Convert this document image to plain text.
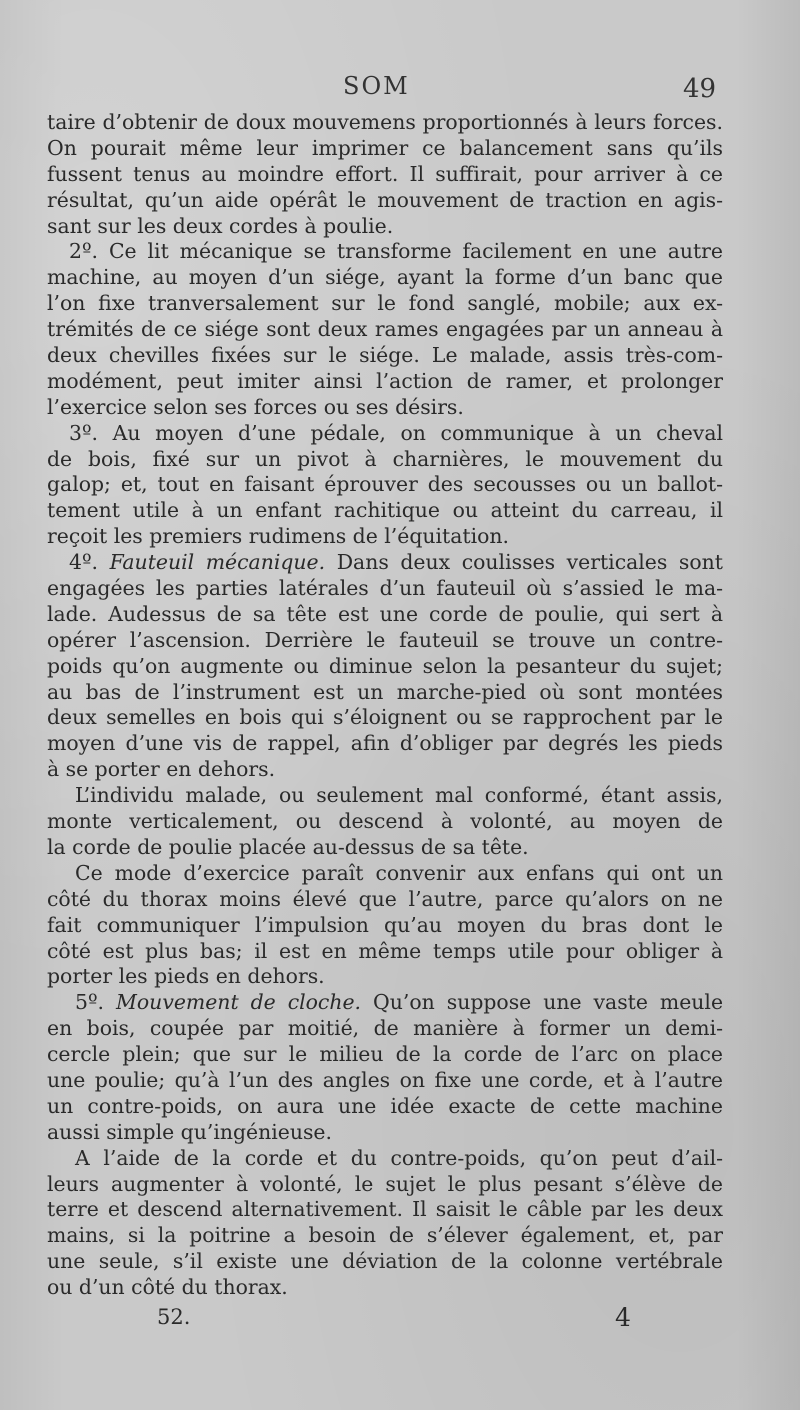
SOM	49
taire d’obtenir de doux mouvemens proportionnés à leurs forces.
On pourait même leur imprimer ce balancement sans qu’ils
fussent tenus au moindre effort. Il suffirait, pour arriver à ce
résultat, qu’un aide opérât le mouvement de traction en agis-
sant sur les deux cordes à poulie.
2º. Ce lit mécanique se transforme facilement en une autre
machine, au moyen d’un siége, ayant la forme d’un banc que
l’on fixe tranversalement sur le fond sanglé, mobile; aux ex-
trémités de ce siége sont deux rames engagées par un anneau à
deux chevilles fixées sur le siége. Le malade, assis très-com-
modément, peut imiter ainsi l’action de ramer, et prolonger
l’exercice selon ses forces ou ses désirs.
3º. Au moyen d’une pédale, on communique à un cheval
de bois, fixé sur un pivot à charnières, le mouvement du
galop; et, tout en faisant éprouver des secousses ou un ballot-
tement utile à un enfant rachitique ou atteint du carreau, il
reçoit les premiers rudimens de l’équitation.
4º. Fauteuil mécanique. Dans deux coulisses verticales sont
engagées les parties latérales d’un fauteuil où s’assied le ma-
lade. Audessus de sa tête est une corde de poulie, qui sert à
opérer l’ascension. Derrière le fauteuil se trouve un contre-
poids qu’on augmente ou diminue selon la pesanteur du sujet;
au bas de l’instrument est un marche-pied où sont montées
deux semelles en bois qui s’éloignent ou se rapprochent par le
moyen d’une vis de rappel, afin d’obliger par degrés les pieds
à se porter en dehors.
L’individu malade, ou seulement mal conformé, étant assis,
monte verticalement, ou descend à volonté, au moyen de
la corde de poulie placée au-dessus de sa tête.
Ce mode d’exercice paraît convenir aux enfans qui ont un
côté du thorax moins élevé que l’autre, parce qu’alors on ne
fait communiquer l’impulsion qu’au moyen du bras dont le
côté est plus bas; il est en même temps utile pour obliger à
porter les pieds en dehors.
5º. Mouvement de cloche. Qu’on suppose une vaste meule
en bois, coupée par moitié, de manière à former un demi-
cercle plein; que sur le milieu de la corde de l’arc on place
une poulie; qu’à l’un des angles on fixe une corde, et à l’autre
un contre-poids, on aura une idée exacte de cette machine
aussi simple qu’ingénieuse.
A l’aide de la corde et du contre-poids, qu’on peut d’ail-
leurs augmenter à volonté, le sujet le plus pesant s’élève de
terre et descend alternativement. Il saisit le câble par les deux
mains, si la poitrine a besoin de s’élever également, et, par
une seule, s’il existe une déviation de la colonne vertébrale
ou d’un côté du thorax.
52.	4
